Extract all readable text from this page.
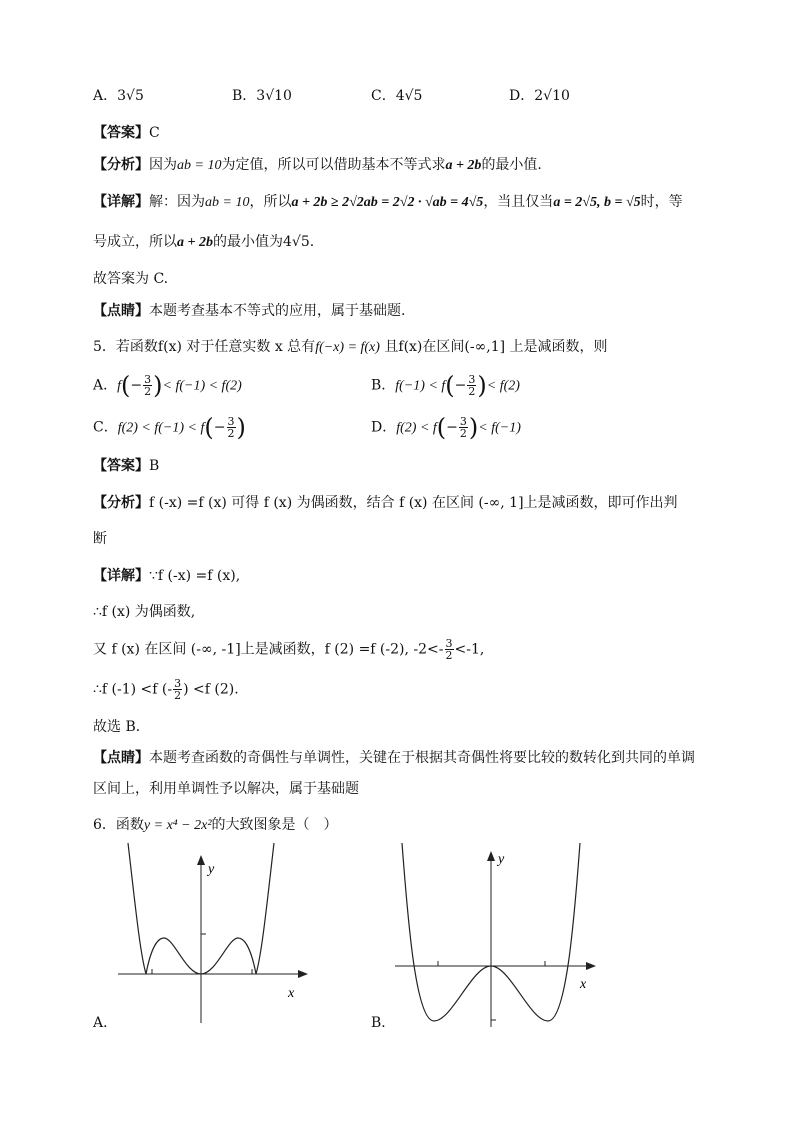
A．3√5	B．3√10	C．4√5	D．2√10
【答案】C
【分析】因为ab = 10为定值，所以可以借助基本不等式求a + 2b的最小值.
【详解】解：因为ab = 10，所以a + 2b ≥ 2√2ab = 2√2 · √ab = 4√5，当且仅当a = 2√5, b = √5时，等
号成立，所以a + 2b的最小值为4√5.
故答案为 C.
【点睛】本题考查基本不等式的应用，属于基础题.
5．若函数f(x) 对于任意实数 x 总有f(−x) = f(x) 且f(x)在区间(-∞,1] 上是减函数，则
A．$f(- \frac{3}{2}$ )< f(−1) < f(2)	B．$f(-1) < f(- \frac{3}{2}$ )< f(2)
C．$f(2) < f(-1) < f(- \frac{3}{2}$ )	D．$f(2) < f(- \frac{3}{2}$ )< f(−1)
【答案】B
【分析】f (-x) =f (x) 可得 f (x) 为偶函数，结合 f (x) 在区间 (-∞, 1]上是减函数，即可作出判
断
【详解】∵f (-x) =f (x),
∴f (x) 为偶函数,
又 f (x) 在区间 (-∞, -1]上是减函数，f (2) =f (-2), $-2<- \frac{3}{2} <-1$,
∴f (-1) <f (- $\frac{3}{2}$ ) <f (2).
故选 B．
【点睛】本题考查函数的奇偶性与单调性，关键在于根据其奇偶性将要比较的数转化到共同的单调
区间上，利用单调性予以解决，属于基础题
6．函数y = x⁴ − 2x²的大致图象是（　）
x
y
A．
x
y
B．
